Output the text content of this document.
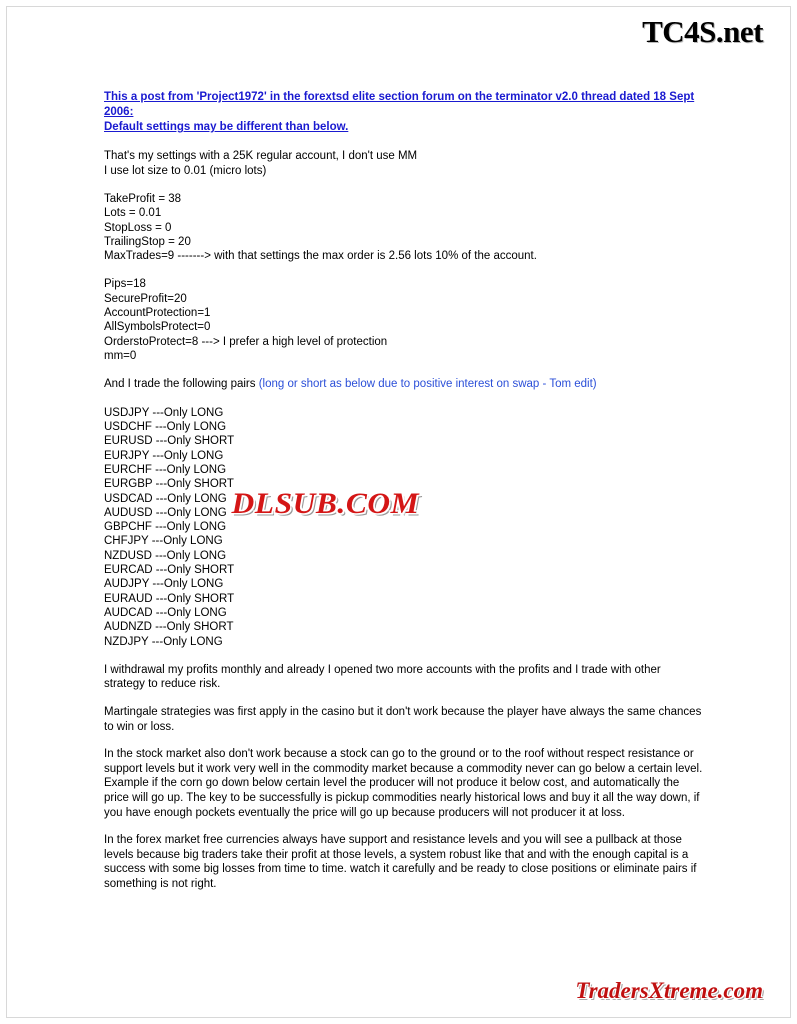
TC4S.net
This a post from 'Project1972' in the forextsd elite section forum on the terminator v2.0 thread dated 18 Sept 2006:
Default settings may be different than below.
That's my settings with a 25K regular account, I don't use MM
I use lot size to 0.01 (micro lots)
TakeProfit = 38
Lots = 0.01
StopLoss = 0
TrailingStop = 20
MaxTrades=9 -------> with that settings the max order is 2.56 lots 10% of the account.
Pips=18
SecureProfit=20
AccountProtection=1
AllSymbolsProtect=0
OrderstoProtect=8 ---> I prefer a high level of protection
mm=0
And I trade the following pairs (long or short as below due to positive interest on swap - Tom edit)
USDJPY ---Only LONG
USDCHF ---Only LONG
EURUSD ---Only SHORT
EURJPY ---Only LONG
EURCHF ---Only LONG
EURGBP ---Only SHORT
USDCAD ---Only LONG
AUDUSD ---Only LONG
GBPCHF ---Only LONG
CHFJPY ---Only LONG
NZDUSD ---Only LONG
EURCAD ---Only SHORT
AUDJPY ---Only LONG
EURAUD ---Only SHORT
AUDCAD ---Only LONG
AUDNZD ---Only SHORT
NZDJPY ---Only LONG
I withdrawal my profits monthly and already I opened two more accounts with the profits and I trade with other strategy to reduce risk.
Martingale strategies was first apply in the casino but it don't work because the player have always the same chances to win or loss.
In the stock market also don't work because a stock can go to the ground or to the roof without respect resistance or support levels but it work very well in the commodity market because a commodity never can go below a certain level. Example if the corn go down below certain level the producer will not produce it below cost, and automatically the price will go up. The key to be successfully is pickup commodities nearly historical lows and buy it all the way down, if you have enough pockets eventually the price will go up because producers will not producer it at loss.
In the forex market free currencies always have support and resistance levels and you will see a pullback at those levels because big traders take their profit at those levels, a system robust like that and with the enough capital is a success with some big losses from time to time. watch it carefully and be ready to close positions or eliminate pairs if something is not right.
DLSUB.COM
TradersXtreme.com
